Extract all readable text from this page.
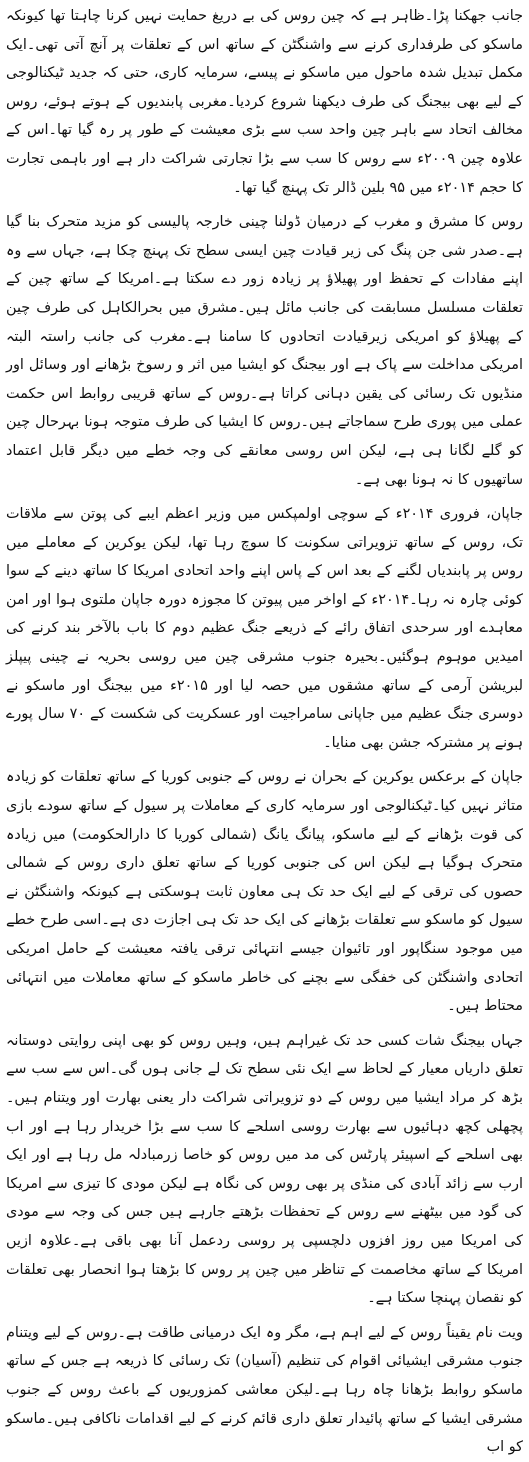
جانب جھکنا پڑا۔ظاہر ہے کہ چین روس کی بے دریغ حمایت نہیں کرنا چاہتا تھا کیونکہ ماسکو کی طرفداری کرنے سے واشنگٹن کے ساتھ اس کے تعلقات پر آنچ آتی تھی۔ایک مکمل تبدیل شدہ ماحول میں ماسکو نے پیسے، سرمایہ کاری، حتی کہ جدید ٹیکنالوجی کے لیے بھی بیجنگ کی طرف دیکھنا شروع کردیا۔مغربی پابندیوں کے ہوتے ہوئے، روس مخالف اتحاد سے باہر چین واحد سب سے بڑی معیشت کے طور پر رہ گیا تھا۔اس کے علاوہ چین ۲۰۰۹ء سے روس کا سب سے بڑا تجارتی شراکت دار ہے اور باہمی تجارت کا حجم ۲۰۱۴ء میں ۹۵ بلین ڈالر تک پہنچ گیا تھا۔

روس کا مشرق و مغرب کے درمیان ڈولنا چینی خارجہ پالیسی کو مزید متحرک بنا گیا ہے۔صدر شی جن پنگ کی زیر قیادت چین ایسی سطح تک پہنچ چکا ہے، جہاں سے وہ اپنے مفادات کے تحفظ اور پھیلاؤ پر زیادہ زور دے سکتا ہے۔امریکا کے ساتھ چین کے تعلقات مسلسل مسابقت کی جانب مائل ہیں۔مشرق میں بحرالکاہل کی طرف چین کے پھیلاؤ کو امریکی زیرقیادت اتحادوں کا سامنا ہے۔مغرب کی جانب راستہ البتہ امریکی مداخلت سے پاک ہے اور بیجنگ کو ایشیا میں اثر و رسوخ بڑھانے اور وسائل اور منڈیوں تک رسائی کی یقین دہانی کراتا ہے۔روس کے ساتھ قریبی روابط اس حکمت عملی میں پوری طرح سماجاتے ہیں۔روس کا ایشیا کی طرف متوجہ ہونا بہرحال چین کو گلے لگانا ہی ہے، لیکن اس روسی معانقے کی وجہ خطے میں دیگر قابل اعتماد ساتھیوں کا نہ ہونا بھی ہے۔

جاپان، فروری ۲۰۱۴ء کے سوچی اولمپکس میں وزیر اعظم ایبے کی پوتن سے ملاقات تک، روس کے ساتھ تزویراتی سکونت کا سوچ رہا تھا، لیکن یوکرین کے معاملے میں روس پر پابندیاں لگنے کے بعد اس کے پاس اپنے واحد اتحادی امریکا کا ساتھ دینے کے سوا کوئی چارہ نہ رہا۔۲۰۱۴ء کے اواخر میں پیوتن کا مجوزہ دورہ جاپان ملتوی ہوا اور امن معاہدے اور سرحدی اتفاق رائے کے ذریعے جنگ عظیم دوم کا باب بالآخر بند کرنے کی امیدیں موہوم ہوگئیں۔بحیرہ جنوب مشرقی چین میں روسی بحریہ نے چینی پیپلز لبریشن آرمی کے ساتھ مشقوں میں حصہ لیا اور ۲۰۱۵ء میں بیجنگ اور ماسکو نے دوسری جنگ عظیم میں جاپانی سامراجیت اور عسکریت کی شکست کے ۷۰ سال پورے ہونے پر مشترکہ جشن بھی منایا۔

جاپان کے برعکس یوکرین کے بحران نے روس کے جنوبی کوریا کے ساتھ تعلقات کو زیادہ متاثر نہیں کیا۔ٹیکنالوجی اور سرمایہ کاری کے معاملات پر سیول کے ساتھ سودے بازی کی قوت بڑھانے کے لیے ماسکو، پیانگ یانگ (شمالی کوریا کا دارالحکومت) میں زیادہ متحرک ہوگیا ہے لیکن اس کی جنوبی کوریا کے ساتھ تعلق داری روس کے شمالی حصوں کی ترقی کے لیے ایک حد تک ہی معاون ثابت ہوسکتی ہے کیونکہ واشنگٹن نے سیول کو ماسکو سے تعلقات بڑھانے کی ایک حد تک ہی اجازت دی ہے۔اسی طرح خطے میں موجود سنگاپور اور تائیوان جیسے انتہائی ترقی یافتہ معیشت کے حامل امریکی اتحادی واشنگٹن کی خفگی سے بچنے کی خاطر ماسکو کے ساتھ معاملات میں انتہائی محتاط ہیں۔

جہاں بیجنگ شات کسی حد تک غیراہم ہیں، وہیں روس کو بھی اپنی روایتی دوستانہ تعلق داریاں معیار کے لحاظ سے ایک نئی سطح تک لے جانی ہوں گی۔اس سے سب سے بڑھ کر مراد ایشیا میں روس کے دو تزویراتی شراکت دار یعنی بھارت اور ویتنام ہیں۔پچھلی کچھ دہائیوں سے بھارت روسی اسلحے کا سب سے بڑا خریدار رہا ہے اور اب بھی اسلحے کے اسپیئر پارٹس کی مد میں روس کو خاصا زرمبادلہ مل رہا ہے اور ایک ارب سے زائد آبادی کی منڈی پر بھی روس کی نگاہ ہے لیکن مودی کا تیزی سے امریکا کی گود میں بیٹھنے سے روس کے تحفظات بڑھتے جارہے ہیں جس کی وجہ سے مودی کی امریکا میں روز افزوں دلچسپی پر روسی ردعمل آنا بھی باقی ہے۔علاوہ ازیں امریکا کے ساتھ مخاصمت کے تناظر میں چین پر روس کا بڑھتا ہوا انحصار بھی تعلقات کو نقصان پہنچا سکتا ہے۔

ویت نام یقیناً روس کے لیے اہم ہے، مگر وہ ایک درمیانی طاقت ہے۔روس کے لیے ویتنام جنوب مشرقی ایشیائی اقوام کی تنظیم (آسیان) تک رسائی کا ذریعہ ہے جس کے ساتھ ماسکو روابط بڑھانا چاہ رہا ہے۔لیکن معاشی کمزوریوں کے باعث روس کے جنوب مشرقی ایشیا کے ساتھ پائیدار تعلق داری قائم کرنے کے لیے اقدامات ناکافی ہیں۔ماسکو کو اب
